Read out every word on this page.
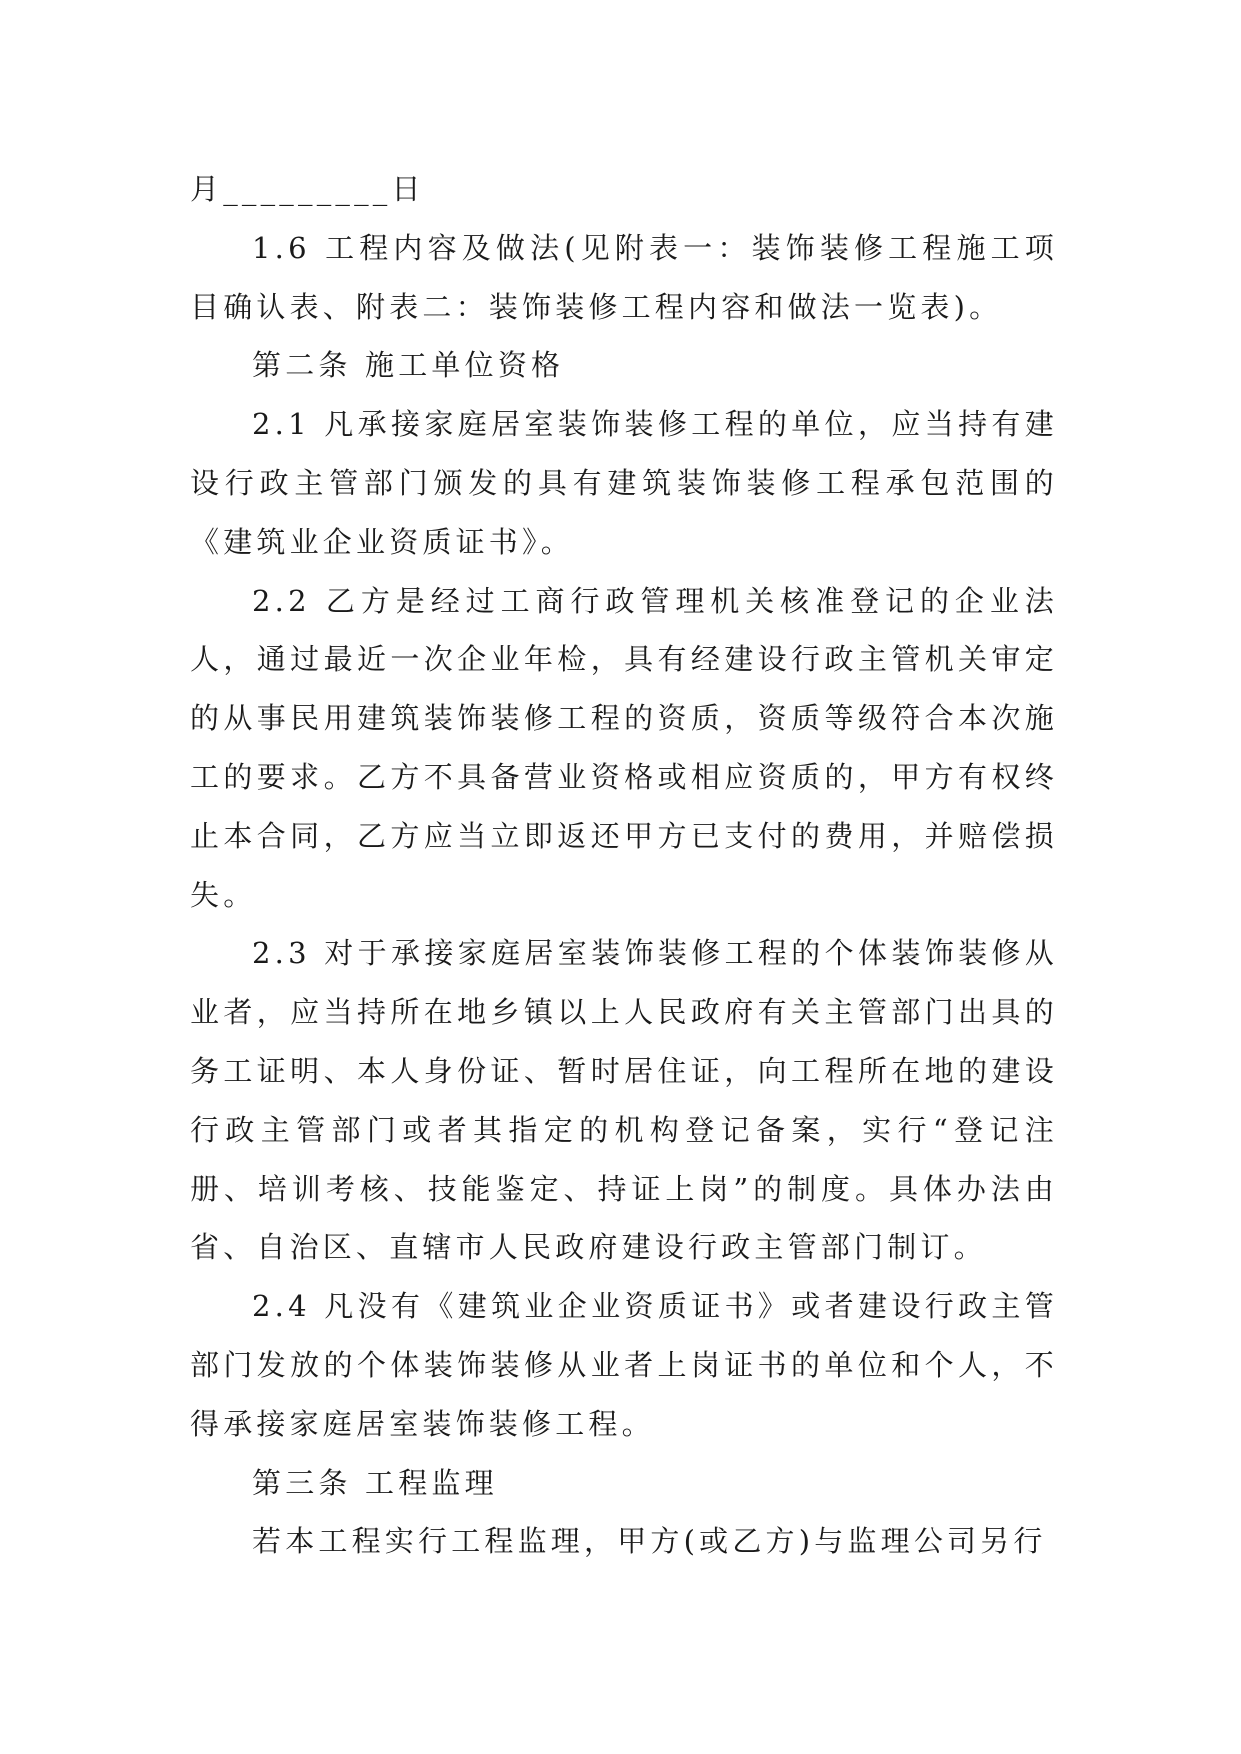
月_________日

1.6 工程内容及做法(见附表一：装饰装修工程施工项目确认表、附表二：装饰装修工程内容和做法一览表)。

第二条 施工单位资格

2.1 凡承接家庭居室装饰装修工程的单位，应当持有建设行政主管部门颁发的具有建筑装饰装修工程承包范围的《建筑业企业资质证书》。

2.2 乙方是经过工商行政管理机关核准登记的企业法人，通过最近一次企业年检，具有经建设行政主管机关审定的从事民用建筑装饰装修工程的资质，资质等级符合本次施工的要求。乙方不具备营业资格或相应资质的，甲方有权终止本合同，乙方应当立即返还甲方已支付的费用，并赔偿损失。

2.3 对于承接家庭居室装饰装修工程的个体装饰装修从业者，应当持所在地乡镇以上人民政府有关主管部门出具的务工证明、本人身份证、暂时居住证，向工程所在地的建设行政主管部门或者其指定的机构登记备案，实行“登记注册、培训考核、技能鉴定、持证上岗”的制度。具体办法由省、自治区、直辖市人民政府建设行政主管部门制订。

2.4 凡没有《建筑业企业资质证书》或者建设行政主管部门发放的个体装饰装修从业者上岗证书的单位和个人，不得承接家庭居室装饰装修工程。

第三条 工程监理

若本工程实行工程监理，甲方(或乙方)与监理公司另行
